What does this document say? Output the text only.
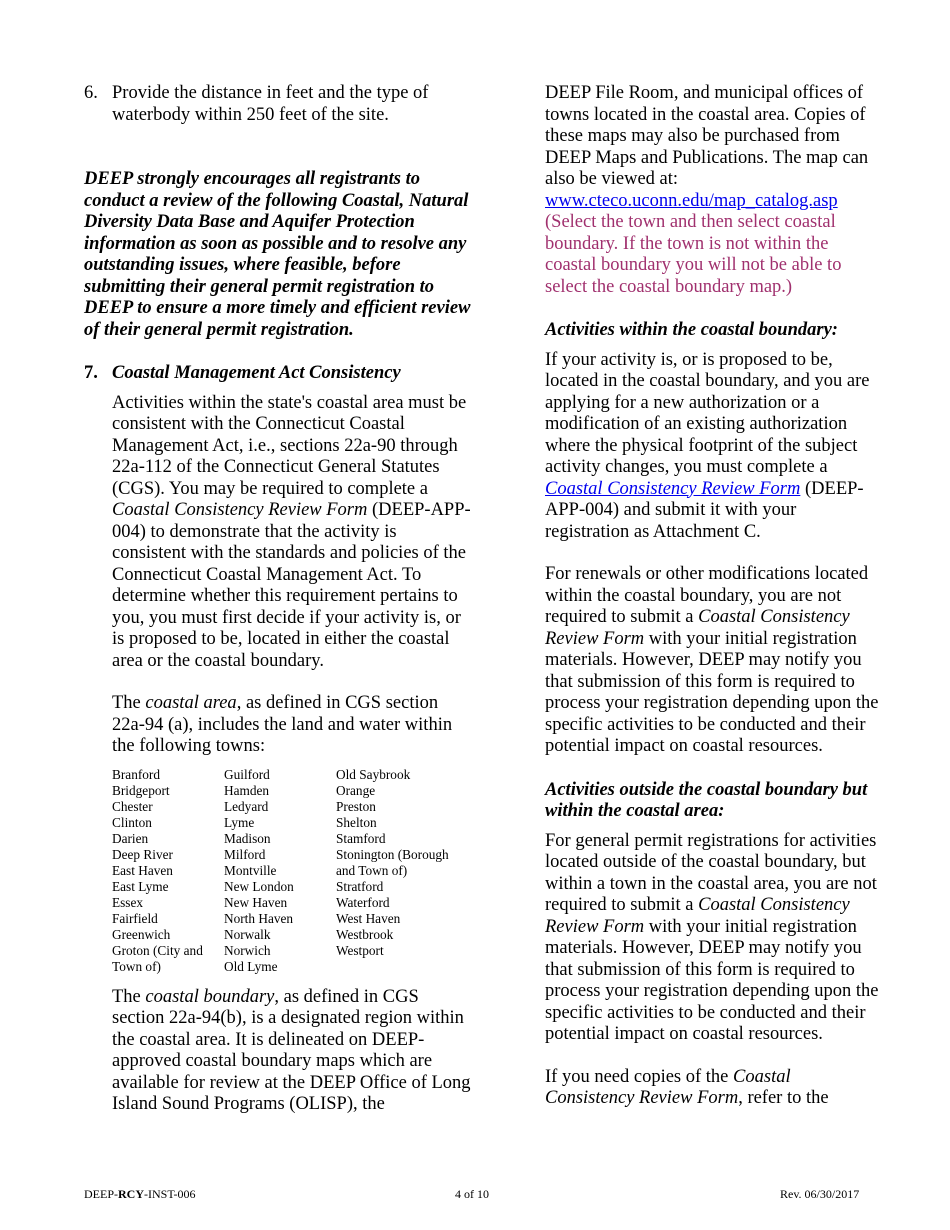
6. Provide the distance in feet and the type of waterbody within 250 feet of the site.

DEEP strongly encourages all registrants to conduct a review of the following Coastal, Natural Diversity Data Base and Aquifer Protection information as soon as possible and to resolve any outstanding issues, where feasible, before submitting their general permit registration to DEEP to ensure a more timely and efficient review of their general permit registration.

7. Coastal Management Act Consistency

Activities within the state's coastal area must be consistent with the Connecticut Coastal Management Act, i.e., sections 22a-90 through 22a-112 of the Connecticut General Statutes (CGS). You may be required to complete a Coastal Consistency Review Form (DEEP-APP-004) to demonstrate that the activity is consistent with the standards and policies of the Connecticut Coastal Management Act. To determine whether this requirement pertains to you, you must first decide if your activity is, or is proposed to be, located in either the coastal area or the coastal boundary.

The coastal area, as defined in CGS section 22a-94 (a), includes the land and water within the following towns:

Branford
Bridgeport
Chester
Clinton
Darien
Deep River
East Haven
East Lyme
Essex
Fairfield
Greenwich
Groton (City and
Town of)
Guilford
Hamden
Ledyard
Lyme
Madison
Milford
Montville
New London
New Haven
North Haven
Norwalk
Norwich
Old Lyme
Old Saybrook
Orange
Preston
Shelton
Stamford
Stonington (Borough
and Town of)
Stratford
Waterford
West Haven
Westbrook
Westport

The coastal boundary, as defined in CGS section 22a-94(b), is a designated region within the coastal area. It is delineated on DEEP-approved coastal boundary maps which are available for review at the DEEP Office of Long Island Sound Programs (OLISP), the

DEEP File Room, and municipal offices of towns located in the coastal area. Copies of these maps may also be purchased from DEEP Maps and Publications. The map can also be viewed at:
www.cteco.uconn.edu/map_catalog.asp
(Select the town and then select coastal boundary. If the town is not within the coastal boundary you will not be able to select the coastal boundary map.)

Activities within the coastal boundary:

If your activity is, or is proposed to be, located in the coastal boundary, and you are applying for a new authorization or a modification of an existing authorization where the physical footprint of the subject activity changes, you must complete a Coastal Consistency Review Form (DEEP-APP-004) and submit it with your registration as Attachment C.

For renewals or other modifications located within the coastal boundary, you are not required to submit a Coastal Consistency Review Form with your initial registration materials. However, DEEP may notify you that submission of this form is required to process your registration depending upon the specific activities to be conducted and their potential impact on coastal resources.

Activities outside the coastal boundary but within the coastal area:

For general permit registrations for activities located outside of the coastal boundary, but within a town in the coastal area, you are not required to submit a Coastal Consistency Review Form with your initial registration materials. However, DEEP may notify you that submission of this form is required to process your registration depending upon the specific activities to be conducted and their potential impact on coastal resources.

If you need copies of the Coastal Consistency Review Form, refer to the

DEEP-RCY-INST-006	4 of 10	Rev. 06/30/2017
